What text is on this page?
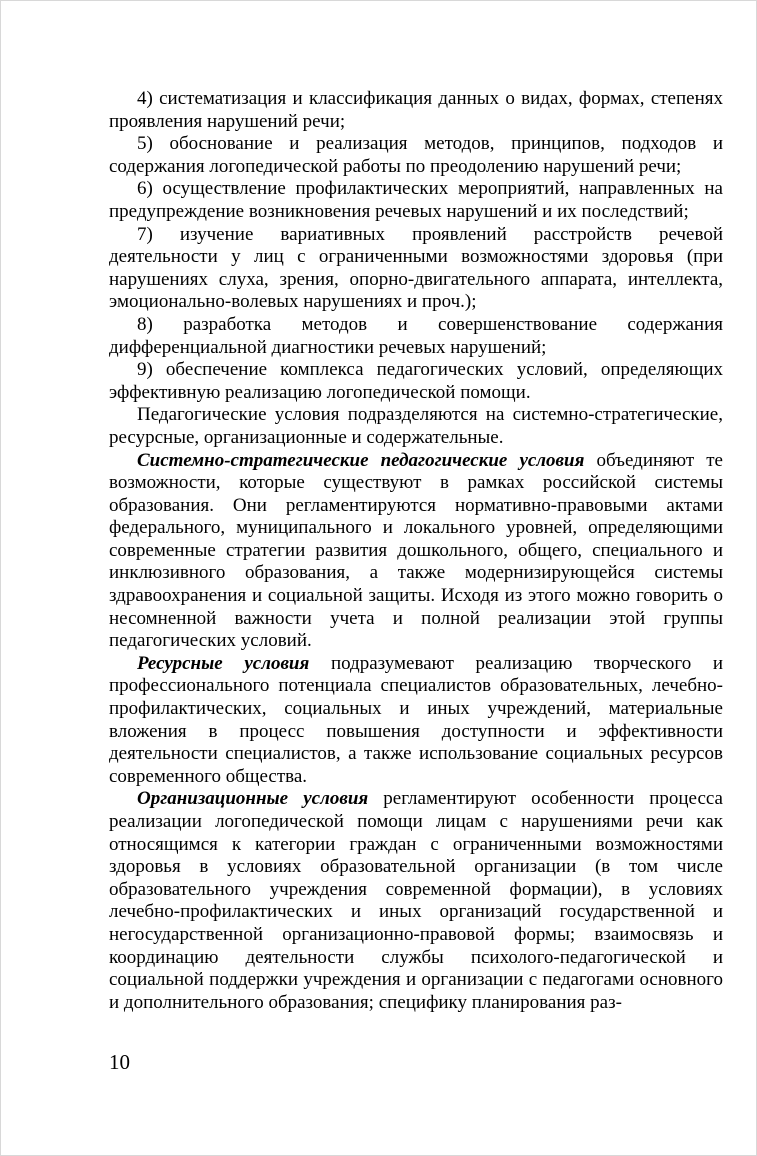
4) систематизация и классификация данных о видах, формах, степенях проявления нарушений речи;

5) обоснование и реализация методов, принципов, подходов и содержания логопедической работы по преодолению нарушений речи;

6) осуществление профилактических мероприятий, направленных на предупреждение возникновения речевых нарушений и их последствий;

7) изучение вариативных проявлений расстройств речевой деятельности у лиц с ограниченными возможностями здоровья (при нарушениях слуха, зрения, опорно-двигательного аппарата, интеллекта, эмоционально-волевых нарушениях и проч.);

8) разработка методов и совершенствование содержания дифференциальной диагностики речевых нарушений;

9) обеспечение комплекса педагогических условий, определяющих эффективную реализацию логопедической помощи.

Педагогические условия подразделяются на системно-стратегические, ресурсные, организационные и содержательные.

Системно-стратегические педагогические условия объединяют те возможности, которые существуют в рамках российской системы образования. Они регламентируются нормативно-правовыми актами федерального, муниципального и локального уровней, определяющими современные стратегии развития дошкольного, общего, специального и инклюзивного образования, а также модернизирующейся системы здравоохранения и социальной защиты. Исходя из этого можно говорить о несомненной важности учета и полной реализации этой группы педагогических условий.

Ресурсные условия подразумевают реализацию творческого и профессионального потенциала специалистов образовательных, лечебно-профилактических, социальных и иных учреждений, материальные вложения в процесс повышения доступности и эффективности деятельности специалистов, а также использование социальных ресурсов современного общества.

Организационные условия регламентируют особенности процесса реализации логопедической помощи лицам с нарушениями речи как относящимся к категории граждан с ограниченными возможностями здоровья в условиях образовательной организации (в том числе образовательного учреждения современной формации), в условиях лечебно-профилактических и иных организаций государственной и негосударственной организационно-правовой формы; взаимосвязь и координацию деятельности службы психолого-педагогической и социальной поддержки учреждения и организации с педагогами основного и дополнительного образования; специфику планирования раз-

10
